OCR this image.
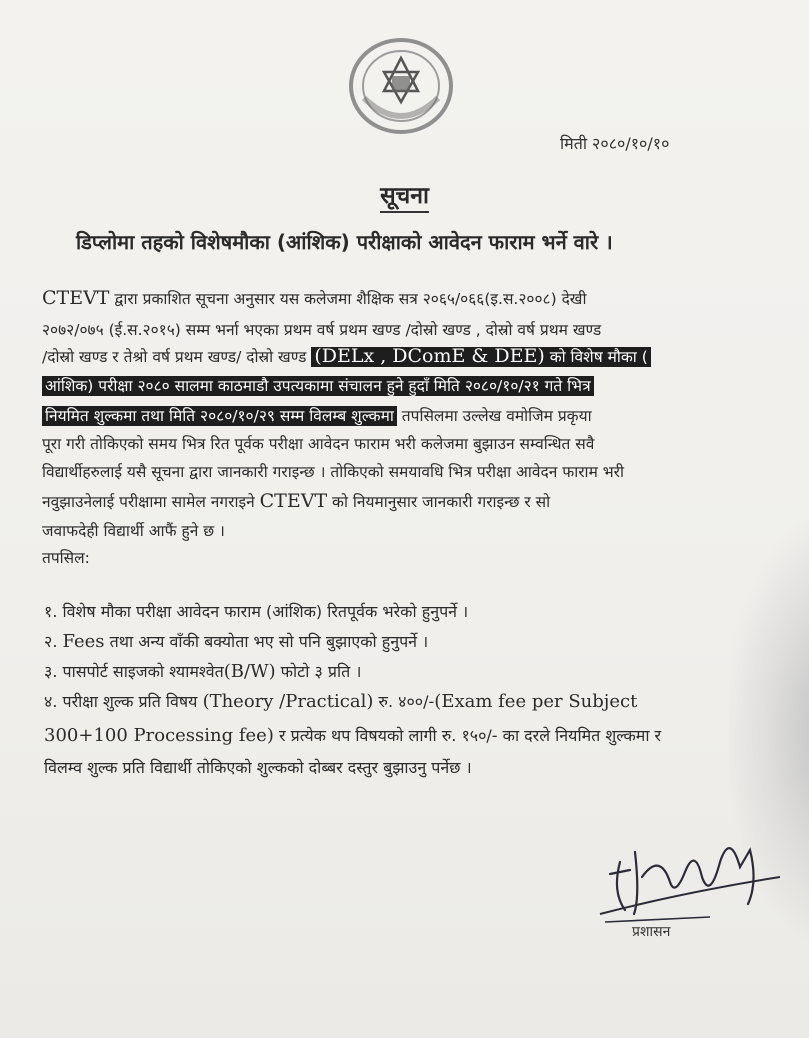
मिती २०८०/१०/१०
सूचना
डिप्लोमा तहको विशेषमौका (आंशिक) परीक्षाको आवेदन फाराम भर्ने वारे ।
CTEVT द्वारा प्रकाशित सूचना अनुसार यस कलेजमा शैक्षिक सत्र २०६५/०६६(इ.स.२००८) देखी
२०७२/०७५ (ई.स.२०१५) सम्म भर्ना भएका प्रथम वर्ष प्रथम खण्ड /दोस्रो खण्ड , दोस्रो वर्ष प्रथम खण्ड
/दोस्रो खण्ड र तेश्रो वर्ष प्रथम खण्ड/ दोस्रो खण्ड (DELx , DComE & DEE) को विशेष मौका (
आंशिक) परीक्षा २०८० सालमा काठमाडौ उपत्यकामा संचालन हुने हुदाँ मिति २०८०/१०/२१ गते भित्र
नियमित शुल्कमा तथा मिति २०८०/१०/२९ सम्म विलम्ब शुल्कमा तपसिलमा उल्लेख वमोजिम प्रकृया
पूरा गरी तोकिएको समय भित्र रित पूर्वक परीक्षा आवेदन फाराम भरी कलेजमा बुझाउन सम्वन्धित सवै
विद्यार्थीहरुलाई यसै सूचना द्वारा जानकारी गराइन्छ । तोकिएको समयावधि भित्र परीक्षा आवेदन फाराम भरी
नवुझाउनेलाई परीक्षामा सामेल नगराइने CTEVT को नियमानुसार जानकारी गराइन्छ र सो
जवाफदेही विद्यार्थी आफैं हुने छ ।
तपसिल:
१. विशेष मौका परीक्षा आवेदन फाराम (आंशिक) रितपूर्वक भरेको हुनुपर्ने ।
२. Fees तथा अन्य वाँकी बक्योता भए सो पनि बुझाएको हुनुपर्ने ।
३. पासपोर्ट साइजको श्यामश्वेत(B/W) फोटो ३ प्रति ।
४. परीक्षा शुल्क प्रति विषय (Theory /Practical) रु. ४००/-(Exam fee per Subject
300+100 Processing fee) र प्रत्येक थप विषयको लागी रु. १५०/- का दरले नियमित शुल्कमा र
विलम्व शुल्क प्रति विद्यार्थी तोकिएको शुल्कको दोब्बर दस्तुर बुझाउनु पर्नेछ ।
प्रशासन
